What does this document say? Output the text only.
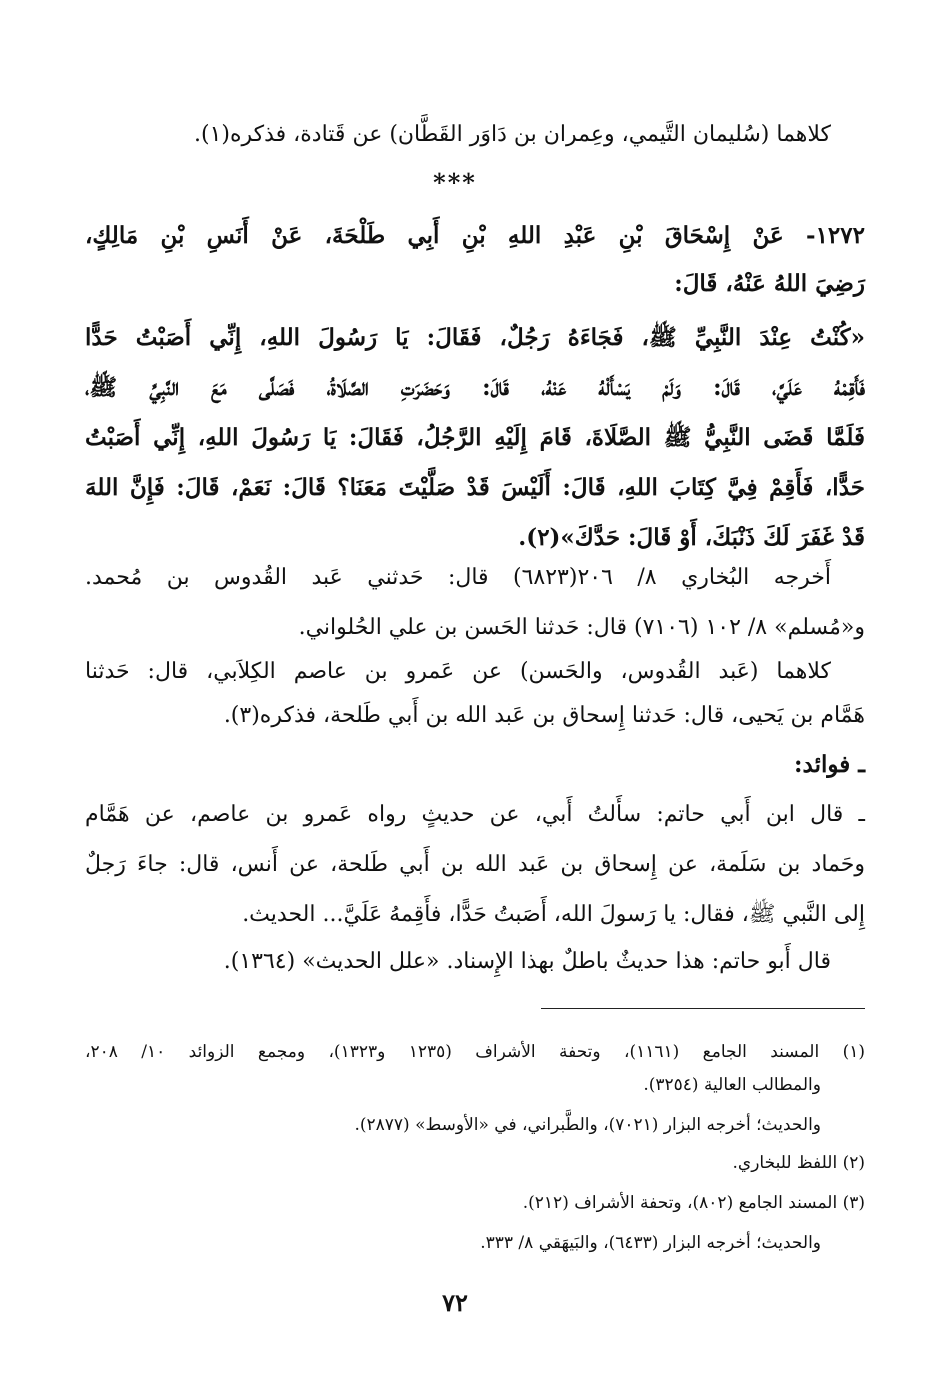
كلاهما (سُليمان التَّيمي، وعِمران بن دَاوَر القَطَّان) عن قَتادة، فذكره(١).
***
١٢٧٢- عَنْ إِسْحَاقَ بْنِ عَبْدِ اللهِ بْنِ أَبِي طَلْحَةَ، عَنْ أَنَسِ بْنِ مَالِكٍ،
رَضِيَ اللهُ عَنْهُ، قَالَ:
«كُنْتُ عِنْدَ النَّبِيِّ ﷺ، فَجَاءَهُ رَجُلٌ، فَقَالَ: يَا رَسُولَ اللهِ، إِنِّي أَصَبْتُ حَدًّا
فَأَقِمْهُ عَلَيَّ، قَالَ: وَلَمْ يَسْأَلْهُ عَنْهُ، قَالَ: وَحَضَرَتِ الصَّلَاةُ، فَصَلَّى مَعَ النَّبِيِّ ﷺ،
فَلَمَّا قَضَى النَّبِيُّ ﷺ الصَّلَاةَ، قَامَ إِلَيْهِ الرَّجُلُ، فَقَالَ: يَا رَسُولَ اللهِ، إِنِّي أَصَبْتُ
حَدًّا، فَأَقِمْ فِيَّ كِتَابَ اللهِ، قَالَ: أَلَيْسَ قَدْ صَلَّيْتَ مَعَنَا؟ قَالَ: نَعَمْ، قَالَ: فَإِنَّ اللهَ
قَدْ غَفَرَ لَكَ ذَنْبَكَ، أَوْ قَالَ: حَدَّكَ»(٢).
أَخرجه البُخاري ٨/ ٢٠٦(٦٨٢٣) قال: حَدثني عَبد القُدوس بن مُحمد.
و«مُسلم» ٨/ ١٠٢ (٧١٠٦) قال: حَدثنا الحَسن بن علي الحُلواني.
كلاهما (عَبد القُدوس، والحَسن) عن عَمرو بن عاصم الكِلاَبي، قال: حَدثنا
هَمَّام بن يَحيى، قال: حَدثنا إِسحاق بن عَبد الله بن أَبي طَلحة، فذكره(٣).
ـ فوائد:
ـ قال ابن أَبي حاتم: سأَلتُ أَبي، عن حديثٍ رواه عَمرو بن عاصم، عن هَمَّام
وحَماد بن سَلَمة، عن إِسحاق بن عَبد الله بن أَبي طَلحة، عن أَنس، قال: جاءَ رَجلٌ
إِلى النَّبي ﷺ، فقال: يا رَسولَ الله، أَصَبتُ حَدًّا، فأَقِمهُ عَلَيَّ... الحديث.
قال أَبو حاتم: هذا حديثٌ باطلٌ بهذا الإِسناد. «علل الحديث» (١٣٦٤).
(١) المسند الجامع (١١٦١)، وتحفة الأشراف (١٢٣٥ و١٣٢٣)، ومجمع الزوائد ١٠/ ٢٠٨،
والمطالب العالية (٣٢٥٤).
والحديث؛ أخرجه البزار (٧٠٢١)، والطَّبراني، في «الأوسط» (٢٨٧٧).
(٢) اللفظ للبخاري.
(٣) المسند الجامع (٨٠٢)، وتحفة الأشراف (٢١٢).
والحديث؛ أخرجه البزار (٦٤٣٣)، والبَيهَقي ٨/ ٣٣٣.
٧٢
